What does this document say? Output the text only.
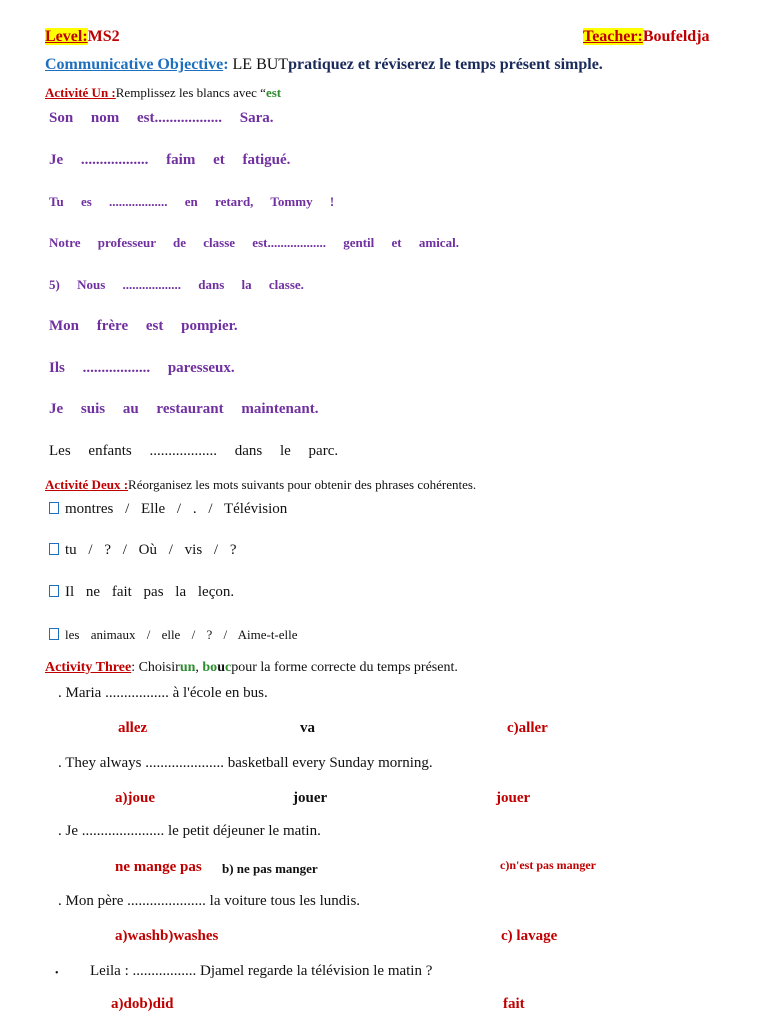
Level:MS2	Teacher:Boufeldja
Communicative Objective: LE BUTpratiquez et réviserez le temps présent simple.
Activité Un :Remplissez les blancs avec “est
Son nom est.................. Sara.
Je .................. faim et fatigué.
Tu es .................. en retard, Tommy !
Notre professeur de classe est.................. gentil et amical.
5) Nous .................. dans la classe.
Mon frère est pompier.
Ils .................. paresseux.
Je suis au restaurant maintenant.
Les enfants .................. dans le parc.
Activité Deux :Réorganisez les mots suivants pour obtenir des phrases cohérentes.
montres / Elle / . / Télévision
tu / ? / Où / vis / ?
Il ne fait pas la leçon.
les animaux / elle / ? / Aime-t-elle
Activity Three: Choisirun, boucpour la forme correcte du temps présent.
. Maria ................. à l'école en bus.
allez	va	c)aller
. They always ..................... basketball every Sunday morning.
a)joue	jouer	jouer
. Je ...................... le petit déjeuner le matin.
ne mange pas b) ne pas manger	c)n'est pas manger
. Mon père ..................... la voiture tous les lundis.
a)washb)washes	c) lavage
• Leila : ................. Djamel regarde la télévision le matin ?
a)dob)did	fait
